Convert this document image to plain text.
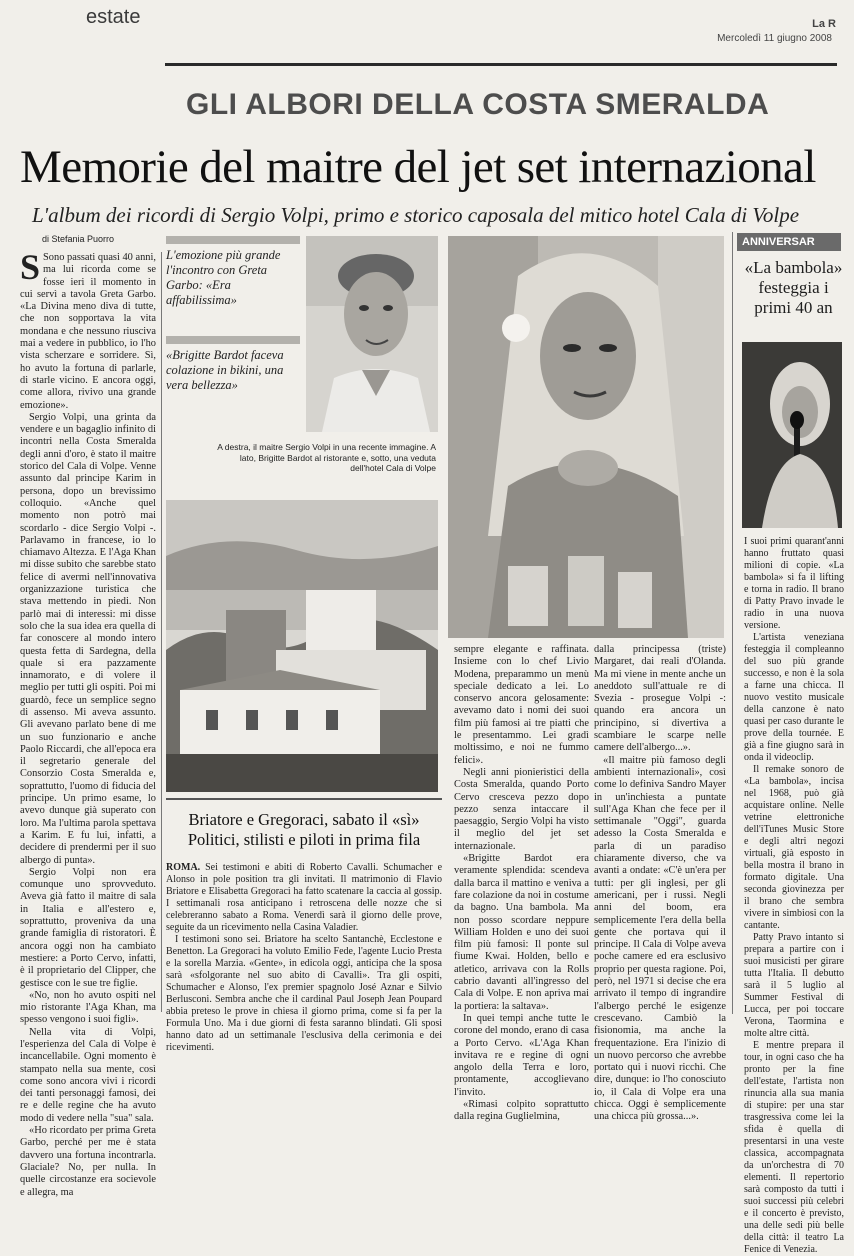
estate	La R
Mercoledì 11 giugno 2008
GLI ALBORI DELLA COSTA SMERALDA
Memorie del maitre del jet set internazional
L'album dei ricordi di Sergio Volpi, primo e storico caposala del mitico hotel Cala di Volpe
di Stefania Puorro

S Sono passati quasi 40 anni, ma lui ricorda come se fosse ieri il momento in cui servì a tavola Greta Garbo. «La Divina meno diva di tutte, che non sopportava la vita mondana e che nessuno riusciva mai a vedere in pubblico, io l'ho vista scherzare e sorridere. Sì, ho avuto la fortuna di parlarle, di starle vicino. E ancora oggi, come allora, rivivo una grande emozione».

Sergio Volpi, una grinta da vendere e un bagaglio infinito di incontri nella Costa Smeralda degli anni d'oro, è stato il maitre storico del Cala di Volpe. Venne assunto dal principe Karim in persona, dopo un brevissimo colloquio. «Anche quel momento non potrò mai scordarlo - dice Sergio Volpi -. Parlavamo in francese, io lo chiamavo Altezza. E l'Aga Khan mi disse subito che sarebbe stato felice di avermi nell'innovativa organizzazione turistica che stava mettendo in piedi. Non parlò mai di interessi: mi disse solo che la sua idea era quella di far conoscere al mondo intero questa fetta di Sardegna, della quale si era pazzamente innamorato, e di volere il meglio per tutti gli ospiti. Poi mi guardò, fece un semplice segno di assenso. Mi aveva assunto. Gli avevano parlato bene di me un suo funzionario e anche Paolo Riccardi, che all'epoca era il segretario generale del Consorzio Costa Smeralda e, soprattutto, l'uomo di fiducia del principe. Un primo esame, lo avevo dunque già superato con loro. Ma l'ultima parola spettava a Karim. E fu lui, infatti, a decidere di prendermi per il suo albergo di punta».

Sergio Volpi non era comunque uno sprovveduto. Aveva già fatto il maitre di sala in Italia e all'estero e, soprattutto, proveniva da una grande famiglia di ristoratori. È ancora oggi non ha cambiato mestiere: a Porto Cervo, infatti, è il proprietario del Clipper, che gestisce con le sue tre figlie.

«No, non ho avuto ospiti nel mio ristorante l'Aga Khan, ma spesso vengono i suoi figli».

Nella vita di Volpi, l'esperienza del Cala di Volpe è incancellabile. Ogni momento è stampato nella sua mente, così come sono ancora vivi i ricordi dei tanti personaggi famosi, dei re e delle regine che ha avuto modo di vedere nella "sua" sala.

«Ho ricordato per prima Greta Garbo, perché per me è stata davvero una fortuna incontrarla. Glaciale? No, per nulla. In quelle circostanze era socievole e allegra, ma

L'emozione più grande l'incontro con Greta Garbo: «Era affabilissima»
«Brigitte Bardot faceva colazione in bikini, una vera bellezza»
A destra, il maitre Sergio Volpi in una recente immagine. A lato, Brigitte Bardot al ristorante e, sotto, una veduta dell'hotel Cala di Volpe
Briatore e Gregoraci, sabato il «sì»
Politici, stilisti e piloti in prima fila

ROMA. Sei testimoni e abiti di Roberto Cavalli. Schumacher e Alonso in pole position tra gli invitati. Il matrimonio di Flavio Briatore e Elisabetta Gregoraci ha fatto scatenare la caccia al gossip. I settimanali rosa anticipano i retroscena delle nozze che si celebreranno sabato a Roma. Venerdì sarà il giorno delle prove, seguite da un ricevimento nella Casina Valadier.

I testimoni sono sei. Briatore ha scelto Santanchè, Ecclestone e Benetton. La Gregoraci ha voluto Emilio Fede, l'agente Lucio Presta e la sorella Marzia. «Gente», in edicola oggi, anticipa che la sposa sarà «sfolgorante nel suo abito di Cavalli». Tra gli ospiti, Schumacher e Alonso, l'ex premier spagnolo José Aznar e Silvio Berlusconi. Sembra anche che il cardinal Paul Joseph Jean Poupard abbia preteso le prove in chiesa il giorno prima, come si fa per la Formula Uno. Ma i due giorni di festa saranno blindati. Gli sposi hanno dato ad un settimanale l'esclusiva della cerimonia e dei ricevimenti.

sempre elegante e raffinata. Insieme con lo chef Livio Modena, preparammo un menù speciale dedicato a lei. Lo conservo ancora gelosamente: avevamo dato i nomi dei suoi film più famosi ai tre piatti che le presentammo. Lei gradì moltissimo, e noi ne fummo felici».

Negli anni pionieristici della Costa Smeralda, quando Porto Cervo cresceva pezzo dopo pezzo senza intaccare il paesaggio, Sergio Volpi ha visto il meglio del jet set internazionale.

«Brigitte Bardot era veramente splendida: scendeva dalla barca il mattino e veniva a fare colazione da noi in costume da bagno. Una bambola. Ma non posso scordare neppure William Holden e uno dei suoi film più famosi: Il ponte sul fiume Kwai. Holden, bello e atletico, arrivava con la Rolls cabrio davanti all'ingresso del Cala di Volpe. E non apriva mai la portiera: la saltava».

In quei tempi anche tutte le corone del mondo, erano di casa a Porto Cervo. «L'Aga Khan invitava re e regine di ogni angolo della Terra e loro, prontamente, accoglievano l'invito.

«Rimasi colpito soprattutto dalla regina Guglielmina,

dalla principessa (triste) Margaret, dai reali d'Olanda. Ma mi viene in mente anche un aneddoto sull'attuale re di Svezia - prosegue Volpi -: quando era ancora un principino, si divertiva a scambiare le scarpe nelle camere dell'albergo...».

«Il maitre più famoso degli ambienti internazionali», così come lo definiva Sandro Mayer in un'inchiesta a puntate sull'Aga Khan che fece per il settimanale "Oggi", guarda adesso la Costa Smeralda e parla di un paradiso chiaramente diverso, che va avanti a ondate: «C'è un'era per tutti: per gli inglesi, per gli americani, per i russi. Negli anni del boom, era semplicemente l'era della bella gente che portava qui il principe. Il Cala di Volpe aveva poche camere ed era esclusivo proprio per questa ragione. Poi, però, nel 1971 si decise che era arrivato il tempo di ingrandire l'albergo perché le esigenze crescevano. Cambiò la fisionomia, ma anche la frequentazione. Era l'inizio di un nuovo percorso che avrebbe portato qui i nuovi ricchi. Che dire, dunque: io l'ho conosciuto io, il Cala di Volpe era una chicca. Oggi è semplicemente una chicca più grossa...».

ANNIVERSAR
«La bambola» festeggia i primi 40 an

I suoi primi quarant'anni hanno fruttato quasi milioni di copie. «La bambola» si fa il lifting e torna in radio. Il brano di Patty Pravo invade le radio in una nuova versione.

L'artista veneziana festeggia il compleanno del suo più grande successo, e non è la sola a farne una chicca. Il nuovo vestito musicale della canzone è nato quasi per caso durante le prove della tournée. E già a fine giugno sarà in onda il videoclip.

Il remake sonoro de «La bambola», incisa nel 1968, può già acquistare online. Nelle vetrine elettroniche dell'iTunes Music Store e degli altri negozi virtuali, già esposto in bella mostra il brano in formato digitale. Una seconda giovinezza per il brano che sembra vivere in simbiosi con la cantante.

Patty Pravo intanto si prepara a partire con i suoi musicisti per girare tutta l'Italia. Il debutto sarà il 5 luglio al Summer Festival di Lucca, per poi toccare Verona, Taormina e molte altre città.

E mentre prepara il tour, in ogni caso che ha pronto per la fine dell'estate, l'artista non rinuncia alla sua mania di stupire: per una star trasgressiva come lei la sfida è quella di presentarsi in una veste classica, accompagnata da un'orchestra di 70 elementi. Il repertorio sarà composto da tutti i suoi successi più celebri e il concerto è previsto, una delle sedi più belle della città: il teatro La Fenice di Venezia.
